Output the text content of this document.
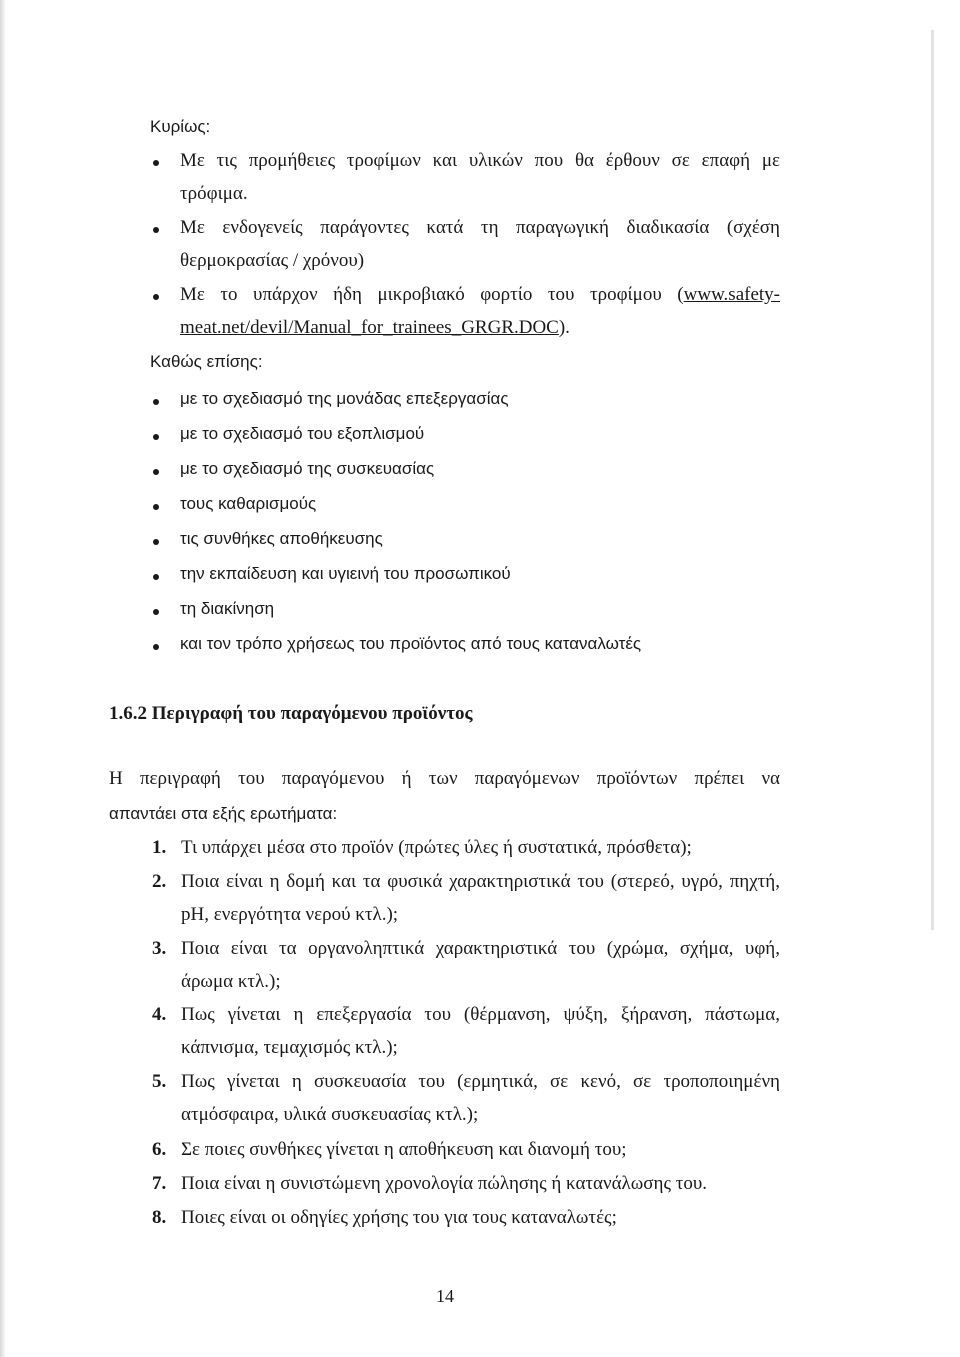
Κυρίως:
Με τις προμήθειες τροφίμων και υλικών που θα έρθουν σε επαφή με
τρόφιμα.
Με ενδογενείς παράγοντες κατά τη παραγωγική διαδικασία (σχέση
θερμοκρασίας / χρόνου)
Με το υπάρχον ήδη μικροβιακό φορτίο του τροφίμου ( www.safety-
meat.net/devil/Manual_for_trainees_GRGR.DOC).
Καθώς επίσης:
με το σχεδιασμό της μονάδας επεξεργασίας
με το σχεδιασμό του εξοπλισμού
με το σχεδιασμό της συσκευασίας
τους καθαρισμούς
τις συνθήκες αποθήκευσης
την εκπαίδευση και υγιεινή του προσωπικού
τη διακίνηση
και τον τρόπο χρήσεως του προϊόντος από τους καταναλωτές
1.6.2 Περιγραφή του παραγόμενου προϊόντος
Η περιγραφή του παραγόμενου ή των παραγόμενων προϊόντων πρέπει να
απαντάει στα εξής ερωτήματα:
1. Τι υπάρχει μέσα στο προϊόν (πρώτες ύλες ή συστατικά, πρόσθετα);
2. Ποια είναι η δομή και τα φυσικά χαρακτηριστικά του (στερεό, υγρό, πηχτή,
pH, ενεργότητα νερού κτλ.);
3. Ποια είναι τα οργανοληπτικά χαρακτηριστικά του (χρώμα, σχήμα, υφή,
άρωμα κτλ.);
4. Πως γίνεται η επεξεργασία του (θέρμανση, ψύξη, ξήρανση, πάστωμα,
κάπνισμα, τεμαχισμός κτλ.);
5. Πως γίνεται η συσκευασία του (ερμητικά, σε κενό, σε τροποποιημένη
ατμόσφαιρα, υλικά συσκευασίας κτλ.);
6. Σε ποιες συνθήκες γίνεται η αποθήκευση και διανομή του;
7. Ποια είναι η συνιστώμενη χρονολογία πώλησης ή κατανάλωσης του.
8. Ποιες είναι οι οδηγίες χρήσης του για τους καταναλωτές;
14
